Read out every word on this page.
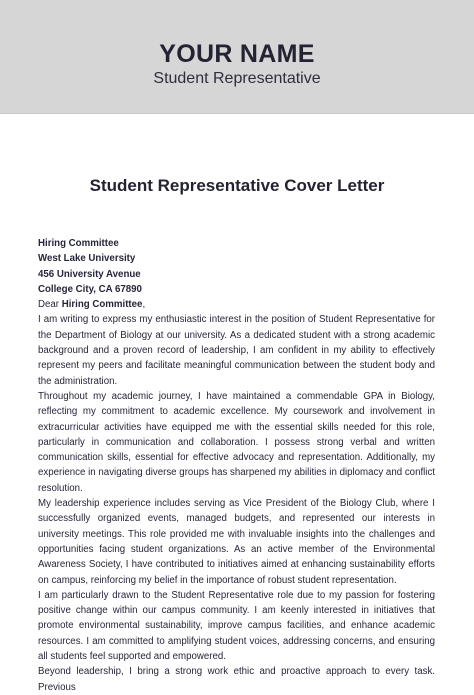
YOUR NAME
Student Representative
Student Representative Cover Letter
Hiring Committee
West Lake University
456 University Avenue
College City, CA 67890
Dear Hiring Committee,
I am writing to express my enthusiastic interest in the position of Student Representative for the Department of Biology at our university. As a dedicated student with a strong academic background and a proven record of leadership, I am confident in my ability to effectively represent my peers and facilitate meaningful communication between the student body and the administration.
Throughout my academic journey, I have maintained a commendable GPA in Biology, reflecting my commitment to academic excellence. My coursework and involvement in extracurricular activities have equipped me with the essential skills needed for this role, particularly in communication and collaboration. I possess strong verbal and written communication skills, essential for effective advocacy and representation. Additionally, my experience in navigating diverse groups has sharpened my abilities in diplomacy and conflict resolution.
My leadership experience includes serving as Vice President of the Biology Club, where I successfully organized events, managed budgets, and represented our interests in university meetings. This role provided me with invaluable insights into the challenges and opportunities facing student organizations. As an active member of the Environmental Awareness Society, I have contributed to initiatives aimed at enhancing sustainability efforts on campus, reinforcing my belief in the importance of robust student representation.
I am particularly drawn to the Student Representative role due to my passion for fostering positive change within our campus community. I am keenly interested in initiatives that promote environmental sustainability, improve campus facilities, and enhance academic resources. I am committed to amplifying student voices, addressing concerns, and ensuring all students feel supported and empowered.
Beyond leadership, I bring a strong work ethic and proactive approach to every task. Previous
